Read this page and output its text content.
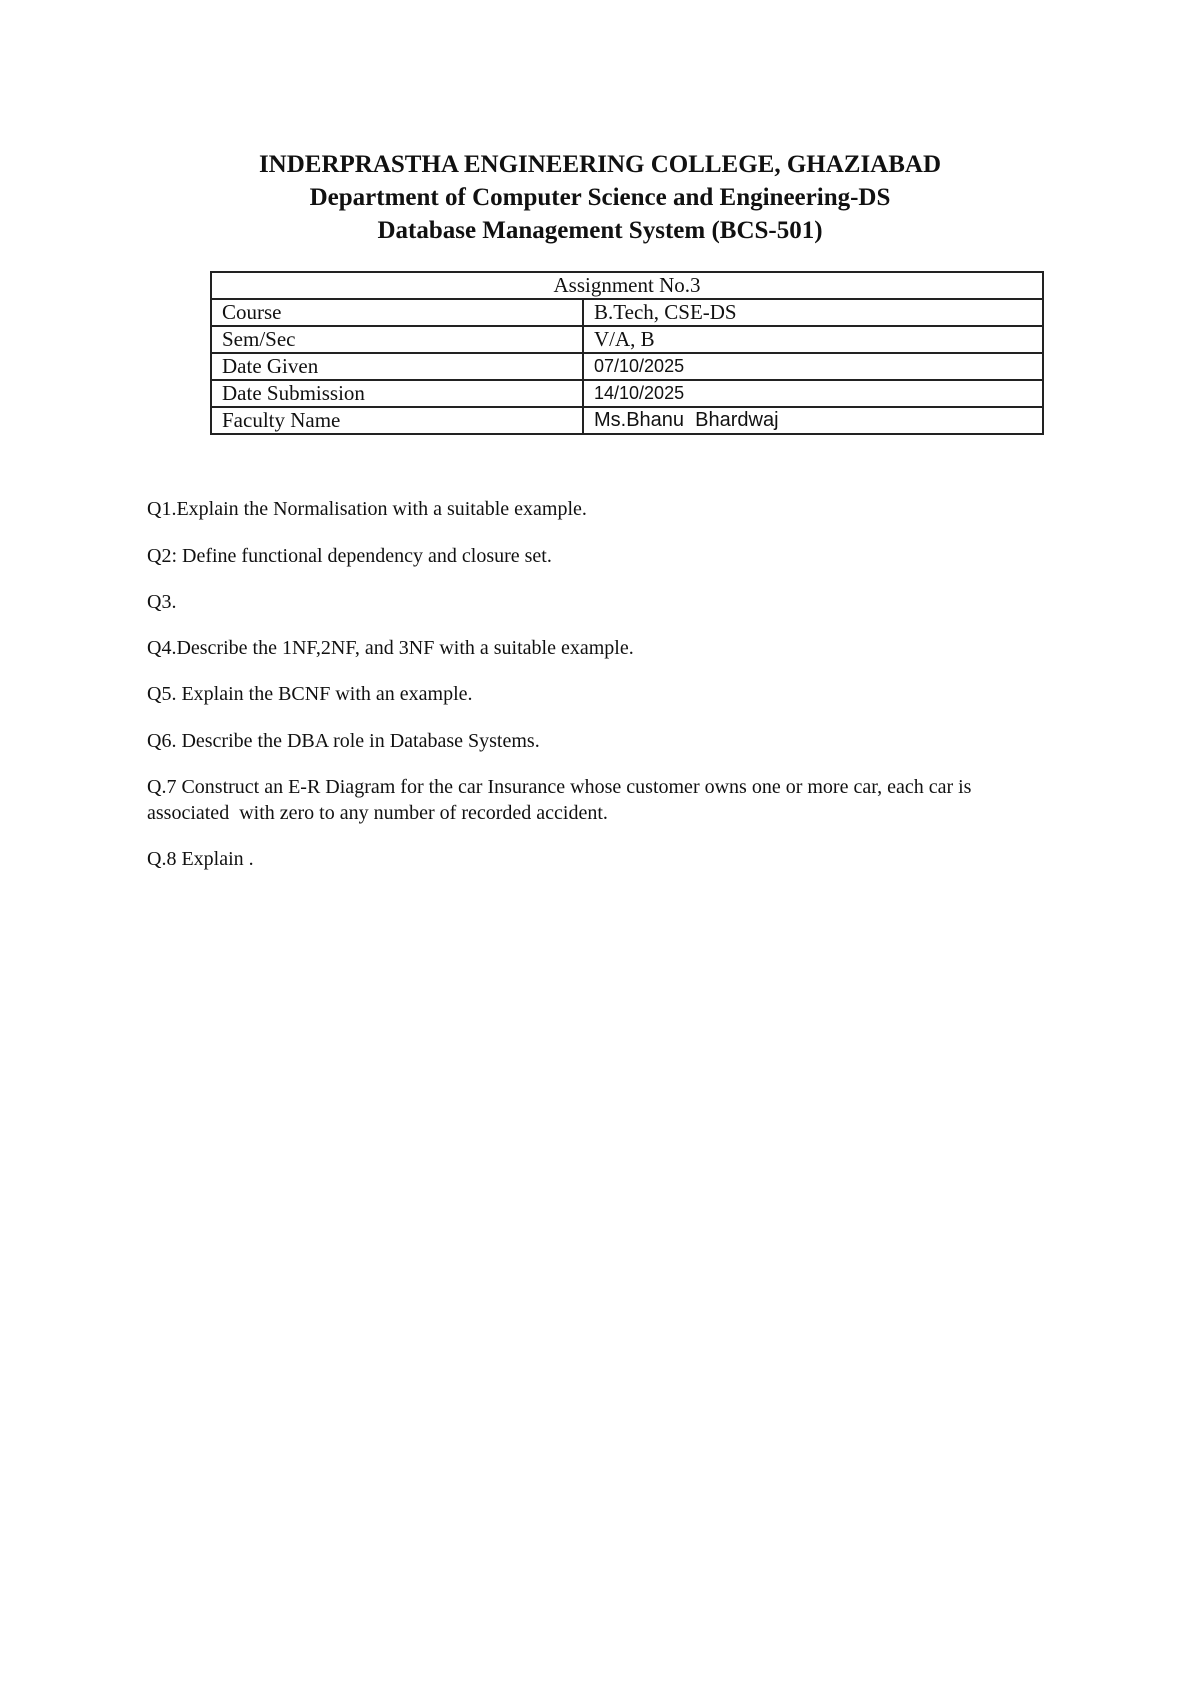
INDERPRASTHA ENGINEERING COLLEGE, GHAZIABAD
Department of Computer Science and Engineering-DS
Database Management System (BCS-501)
Assignment No.3	
Course	B.Tech, CSE-DS
Sem/Sec	V/A, B
Date Given	07/10/2025
Date Submission	14/10/2025
Faculty Name	Ms.Bhanu  Bhardwaj

Q1.Explain the Normalisation with a suitable example.

Q2: Define functional dependency and closure set.

Q3.

Q4.Describe the 1NF,2NF, and 3NF with a suitable example.

Q5. Explain the BCNF with an example.

Q6. Describe the DBA role in Database Systems.

Q.7 Construct an E-R Diagram for the car Insurance whose customer owns one or more car, each car is associated  with zero to any number of recorded accident.

Q.8 Explain .
